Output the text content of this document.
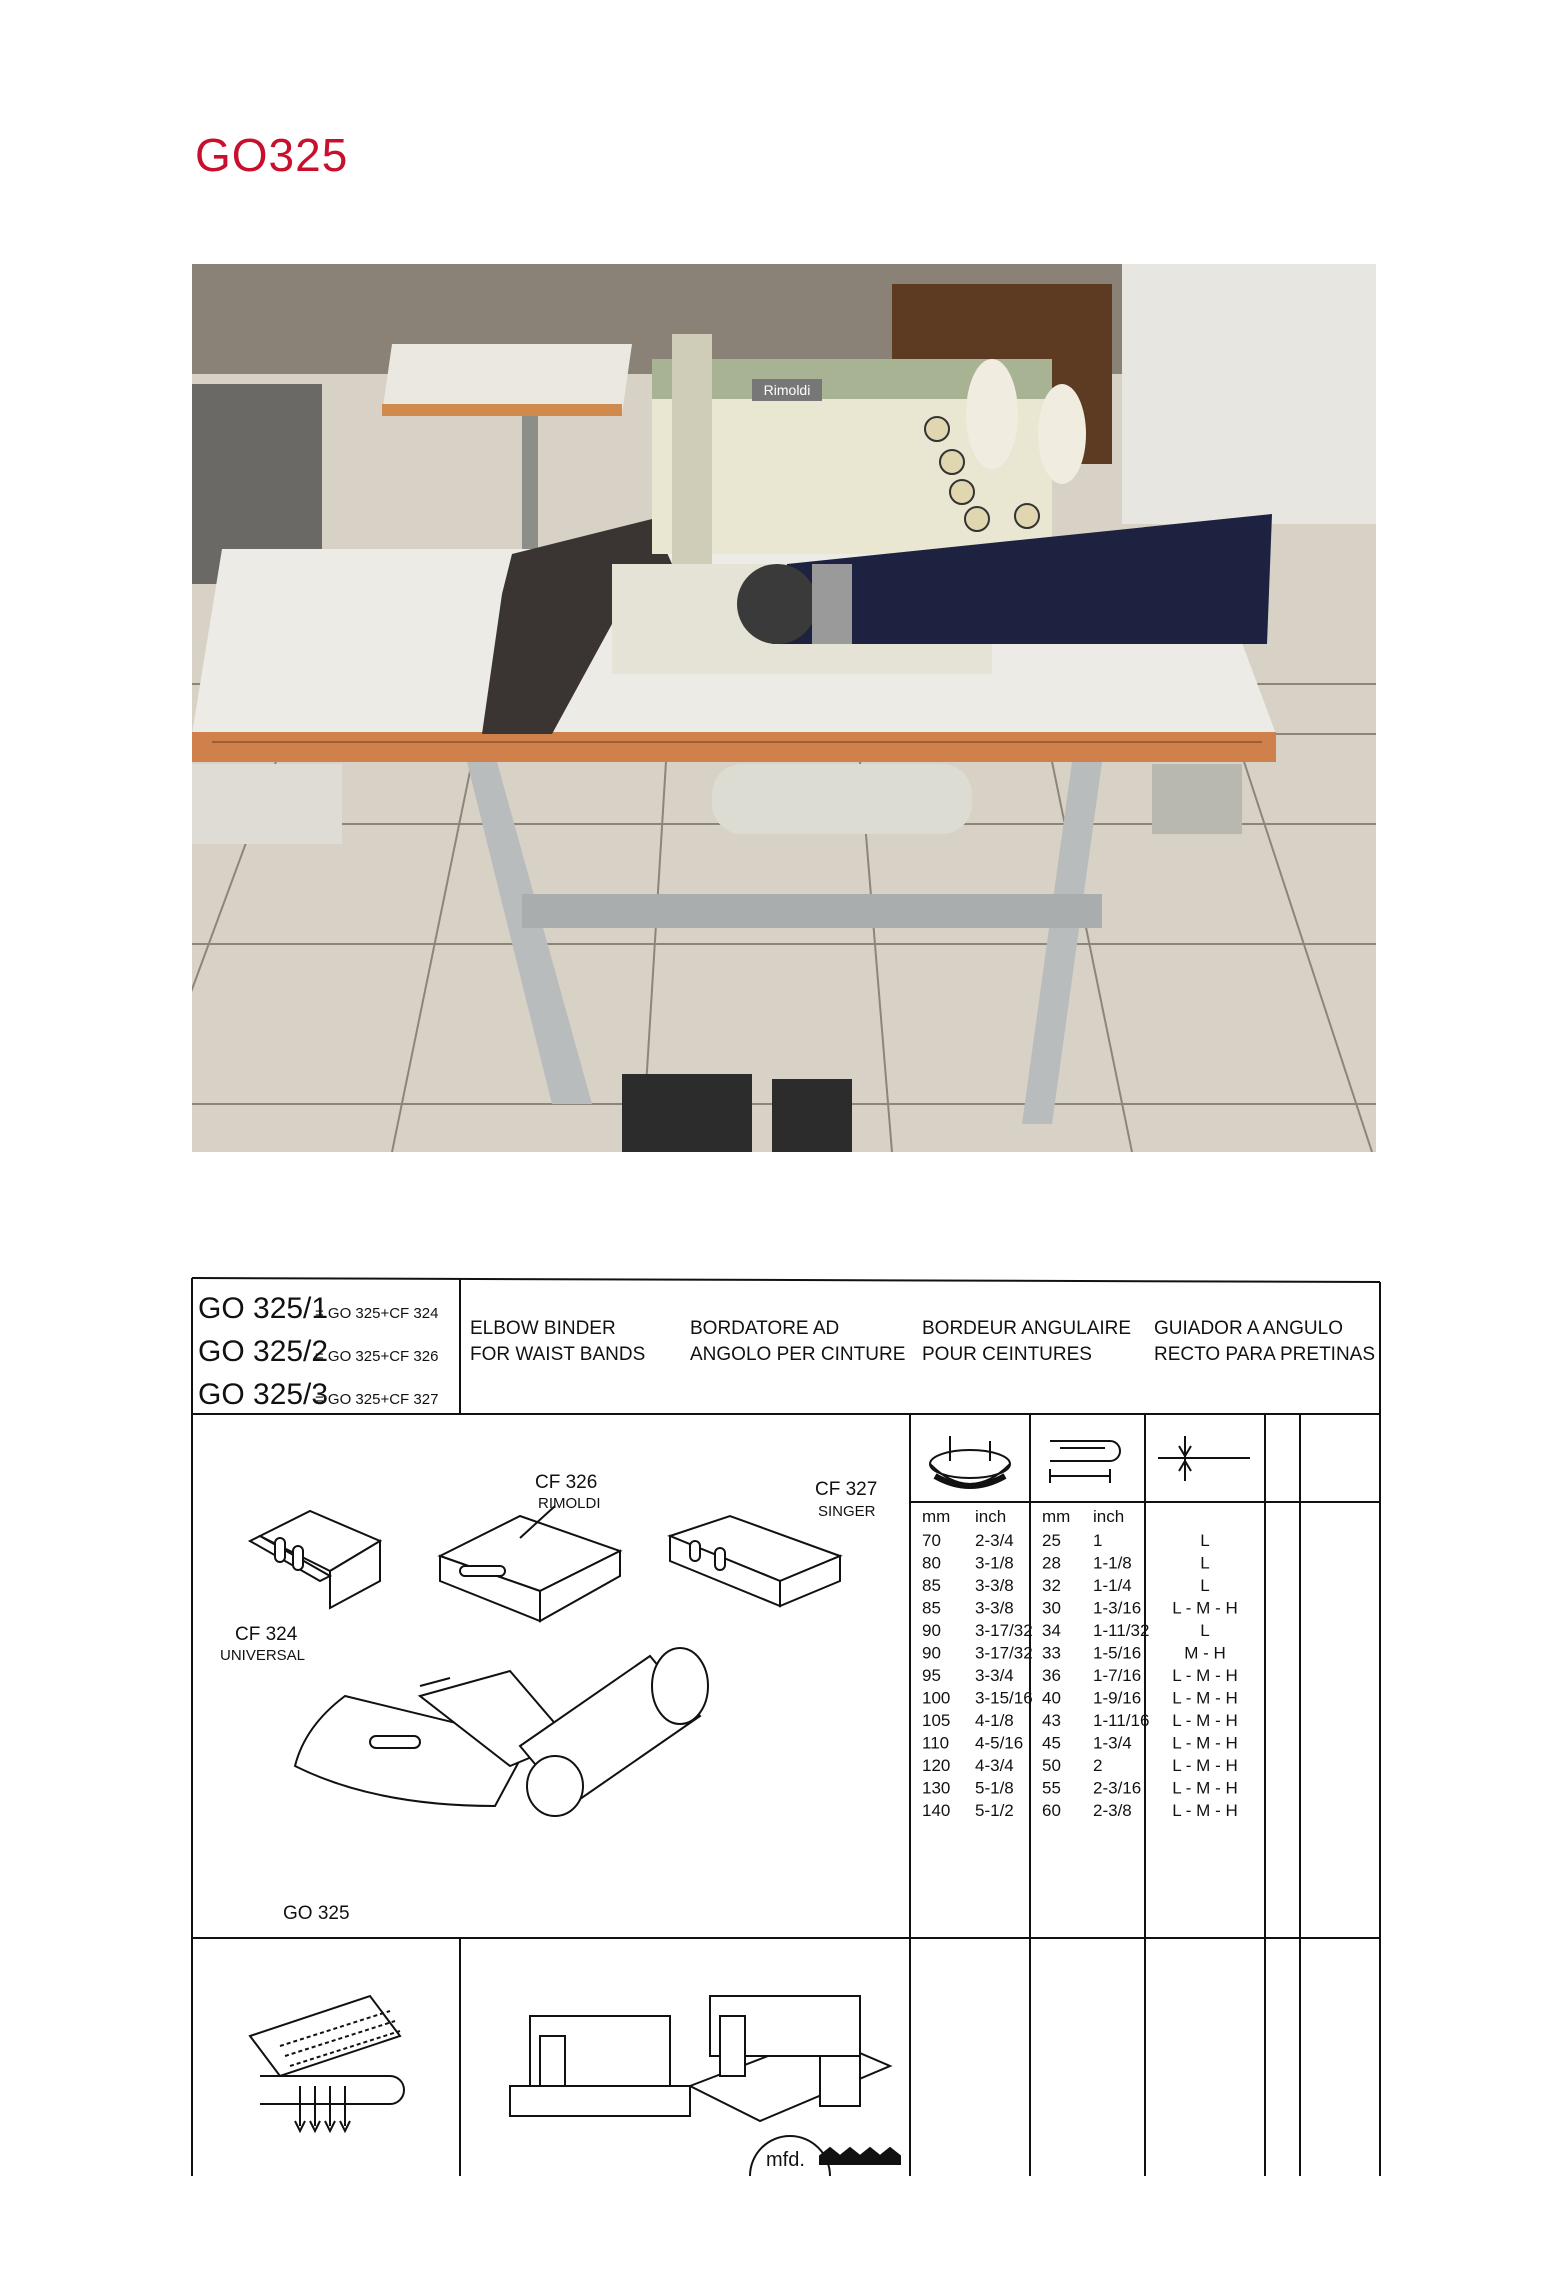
GO325
Rimoldi
GO 325/1
= GO 325+CF 324
GO 325/2
= GO 325+CF 326
GO 325/3
= GO 325+CF 327
ELBOW BINDER
FOR WAIST BANDS
BORDATORE AD
ANGOLO PER CINTURE
BORDEUR ANGULAIRE
POUR CEINTURES
GUIADOR A ANGULO
RECTO PARA PRETINAS
mm inch mm inch
70 2-3/4 25 1	L
80 3-1/8 28 1-1/8	L
85 3-3/8 32 1-1/4	L
85 3-3/8 30 1-3/16 L - M - H
90 3-17/32 34 1-11/32	L
90 3-17/32 33 1-5/16	M - H
95 3-3/4 36 1-7/16 L - M - H
100 3-15/16 40 1-9/16 L - M - H
105 4-1/8 43 1-11/16 L - M - H
110 4-5/16 45 1-3/4 L - M - H
120 4-3/4 50 2	L - M - H
130 5-1/8 55 2-3/16 L - M - H
140 5-1/2 60 2-3/8 L - M - H
CF 324
UNIVERSAL
CF 326
RIMOLDI
CF 327
SINGER
GO 325
mfd.
